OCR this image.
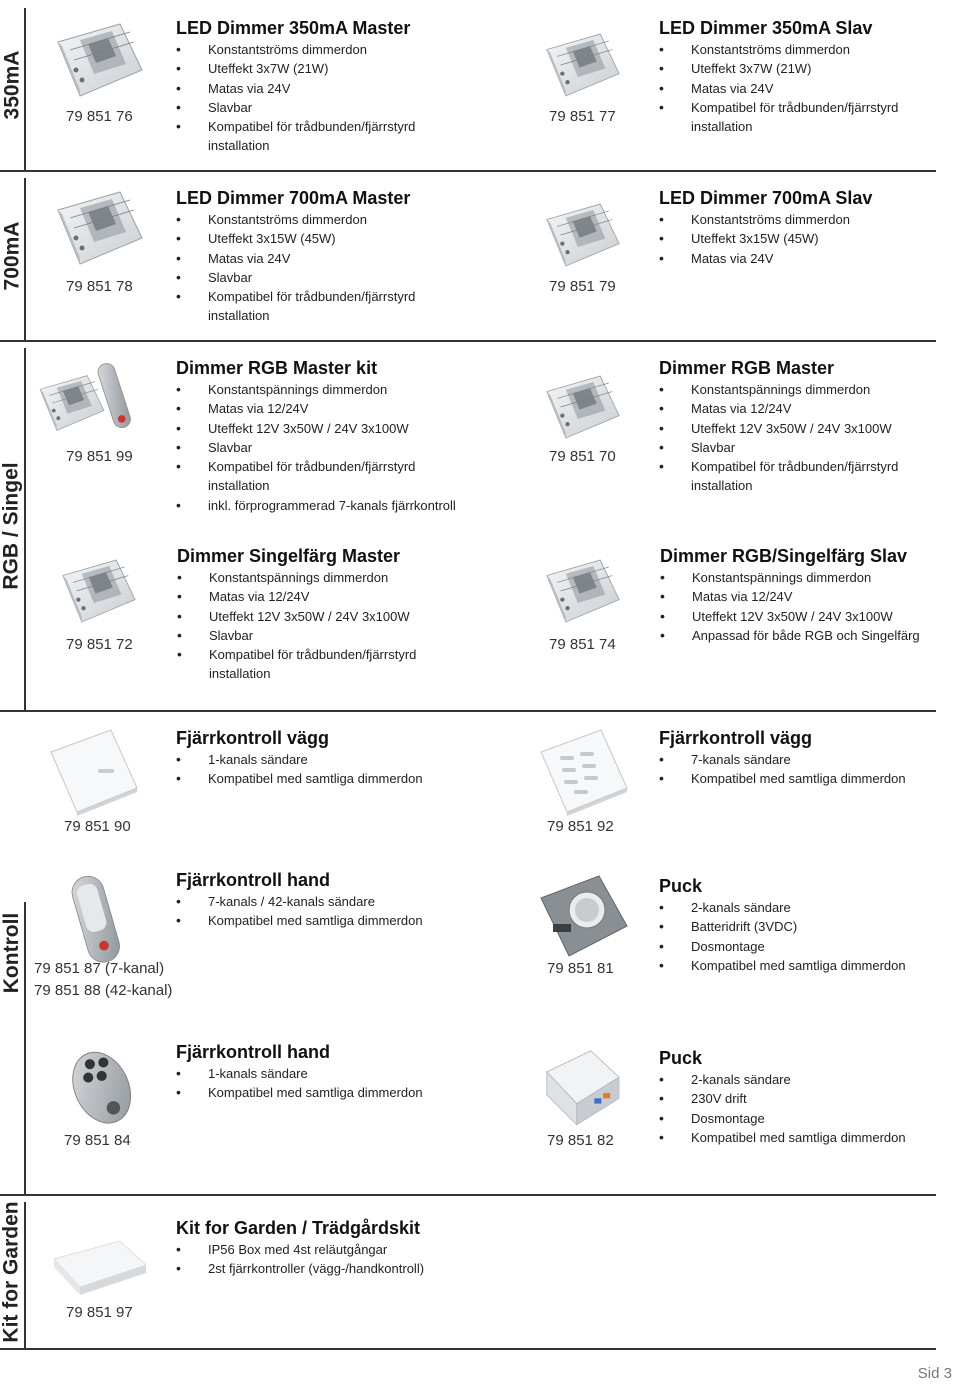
350mA	79 851 76
LED Dimmer 350mA Master
• Konstantströms dimmerdon
• Uteffekt 3x7W (21W)
• Matas via 24V
• Slavbar
• Kompatibel för trådbunden/fjärrstyrd
installation
79 851 77
LED Dimmer 350mA Slav
• Konstantströms dimmerdon
• Uteffekt 3x7W (21W)
• Matas via 24V
• Kompatibel för trådbunden/fjärrstyrd
installation
700mA	79 851 78
LED Dimmer 700mA Master
• Konstantströms dimmerdon
• Uteffekt 3x15W (45W)
• Matas via 24V
• Slavbar
• Kompatibel för trådbunden/fjärrstyrd
installation
79 851 79
LED Dimmer 700mA Slav
• Konstantströms dimmerdon
• Uteffekt 3x15W (45W)
• Matas via 24V
RGB / Singel
79 851 99
Dimmer RGB Master kit
• Konstantspännings dimmerdon
• Matas via 12/24V
• Uteffekt 12V 3x50W / 24V 3x100W
• Slavbar
• Kompatibel för trådbunden/fjärrstyrd
installation
• inkl. förprogrammerad 7-kanals fjärrkontroll
79 851 70
Dimmer RGB Master
• Konstantspännings dimmerdon
• Matas via 12/24V
• Uteffekt 12V 3x50W / 24V 3x100W
• Slavbar
• Kompatibel för trådbunden/fjärrstyrd
installation
79 851 72
Dimmer Singelfärg Master
• Konstantspännings dimmerdon
• Matas via 12/24V
• Uteffekt 12V 3x50W / 24V 3x100W
• Slavbar
• Kompatibel för trådbunden/fjärrstyrd
installation
79 851 74
Dimmer RGB/Singelfärg Slav
• Konstantspännings dimmerdon
• Matas via 12/24V
• Uteffekt 12V 3x50W / 24V 3x100W
• Anpassad för både RGB och Singelfärg
Kontroll
79 851 90
Fjärrkontroll vägg
• 1-kanals sändare
• Kompatibel med samtliga dimmerdon
79 851 92
Fjärrkontroll vägg
• 7-kanals sändare
• Kompatibel med samtliga dimmerdon
79 851 87 (7-kanal)
79 851 88 (42-kanal)
Fjärrkontroll hand
• 7-kanals / 42-kanals sändare
• Kompatibel med samtliga dimmerdon
79 851 81
Puck
• 2-kanals sändare
• Batteridrift (3VDC)
• Dosmontage
• Kompatibel med samtliga dimmerdon
79 851 84
Fjärrkontroll hand
• 1-kanals sändare
• Kompatibel med samtliga dimmerdon
79 851 82
Puck
• 2-kanals sändare
• 230V drift
• Dosmontage
• Kompatibel med samtliga dimmerdon
Kit for Garden	79 851 97
Kit for Garden / Trädgårdskit
• IP56 Box med 4st reläutgångar
• 2st fjärrkontroller (vägg-/handkontroll)
Sid 3
